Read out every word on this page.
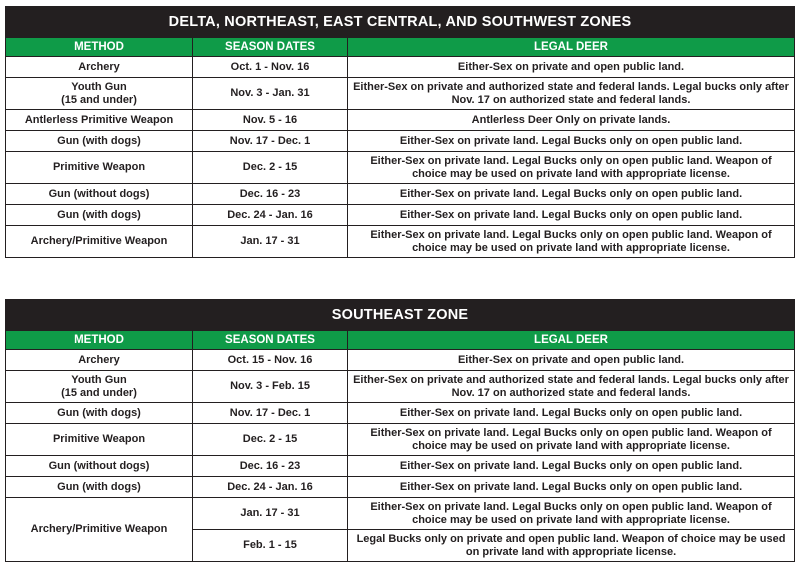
DELTA, NORTHEAST, EAST CENTRAL, AND SOUTHWEST ZONES		
METHOD	SEASON DATES	LEGAL DEER
Archery	Oct. 1 - Nov. 16	Either-Sex on private and open public land.
Youth Gun
(15 and under)	Nov. 3 - Jan. 31	Either-Sex on private and authorized state and federal lands. Legal bucks only after Nov. 17 on authorized state and federal lands.
Antlerless Primitive Weapon	Nov. 5 - 16	Antlerless Deer Only on private lands.
Gun (with dogs)	Nov. 17 - Dec. 1	Either-Sex on private land. Legal Bucks only on open public land.
Primitive Weapon	Dec. 2 - 15	Either-Sex on private land. Legal Bucks only on open public land. Weapon of choice may be used on private land with appropriate license.
Gun (without dogs)	Dec. 16 - 23	Either-Sex on private land. Legal Bucks only on open public land.
Gun (with dogs)	Dec. 24 - Jan. 16	Either-Sex on private land. Legal Bucks only on open public land.
Archery/Primitive Weapon	Jan. 17 - 31	Either-Sex on private land. Legal Bucks only on open public land. Weapon of choice may be used on private land with appropriate license.
SOUTHEAST ZONE		
METHOD	SEASON DATES	LEGAL DEER
Archery	Oct. 15 - Nov. 16	Either-Sex on private and open public land.
Youth Gun
(15 and under)	Nov. 3 - Feb. 15	Either-Sex on private and authorized state and federal lands. Legal bucks only after Nov. 17 on authorized state and federal lands.
Gun (with dogs)	Nov. 17 - Dec. 1	Either-Sex on private land. Legal Bucks only on open public land.
Primitive Weapon	Dec. 2 - 15	Either-Sex on private land. Legal Bucks only on open public land. Weapon of choice may be used on private land with appropriate license.
Gun (without dogs)	Dec. 16 - 23	Either-Sex on private land. Legal Bucks only on open public land.
Gun (with dogs)	Dec. 24 - Jan. 16	Either-Sex on private land. Legal Bucks only on open public land.
Archery/Primitive Weapon	Jan. 17 - 31	Either-Sex on private land. Legal Bucks only on open public land. Weapon of choice may be used on private land with appropriate license.
	Feb. 1 - 15	Legal Bucks only on private and open public land. Weapon of choice may be used on private land with appropriate license.
